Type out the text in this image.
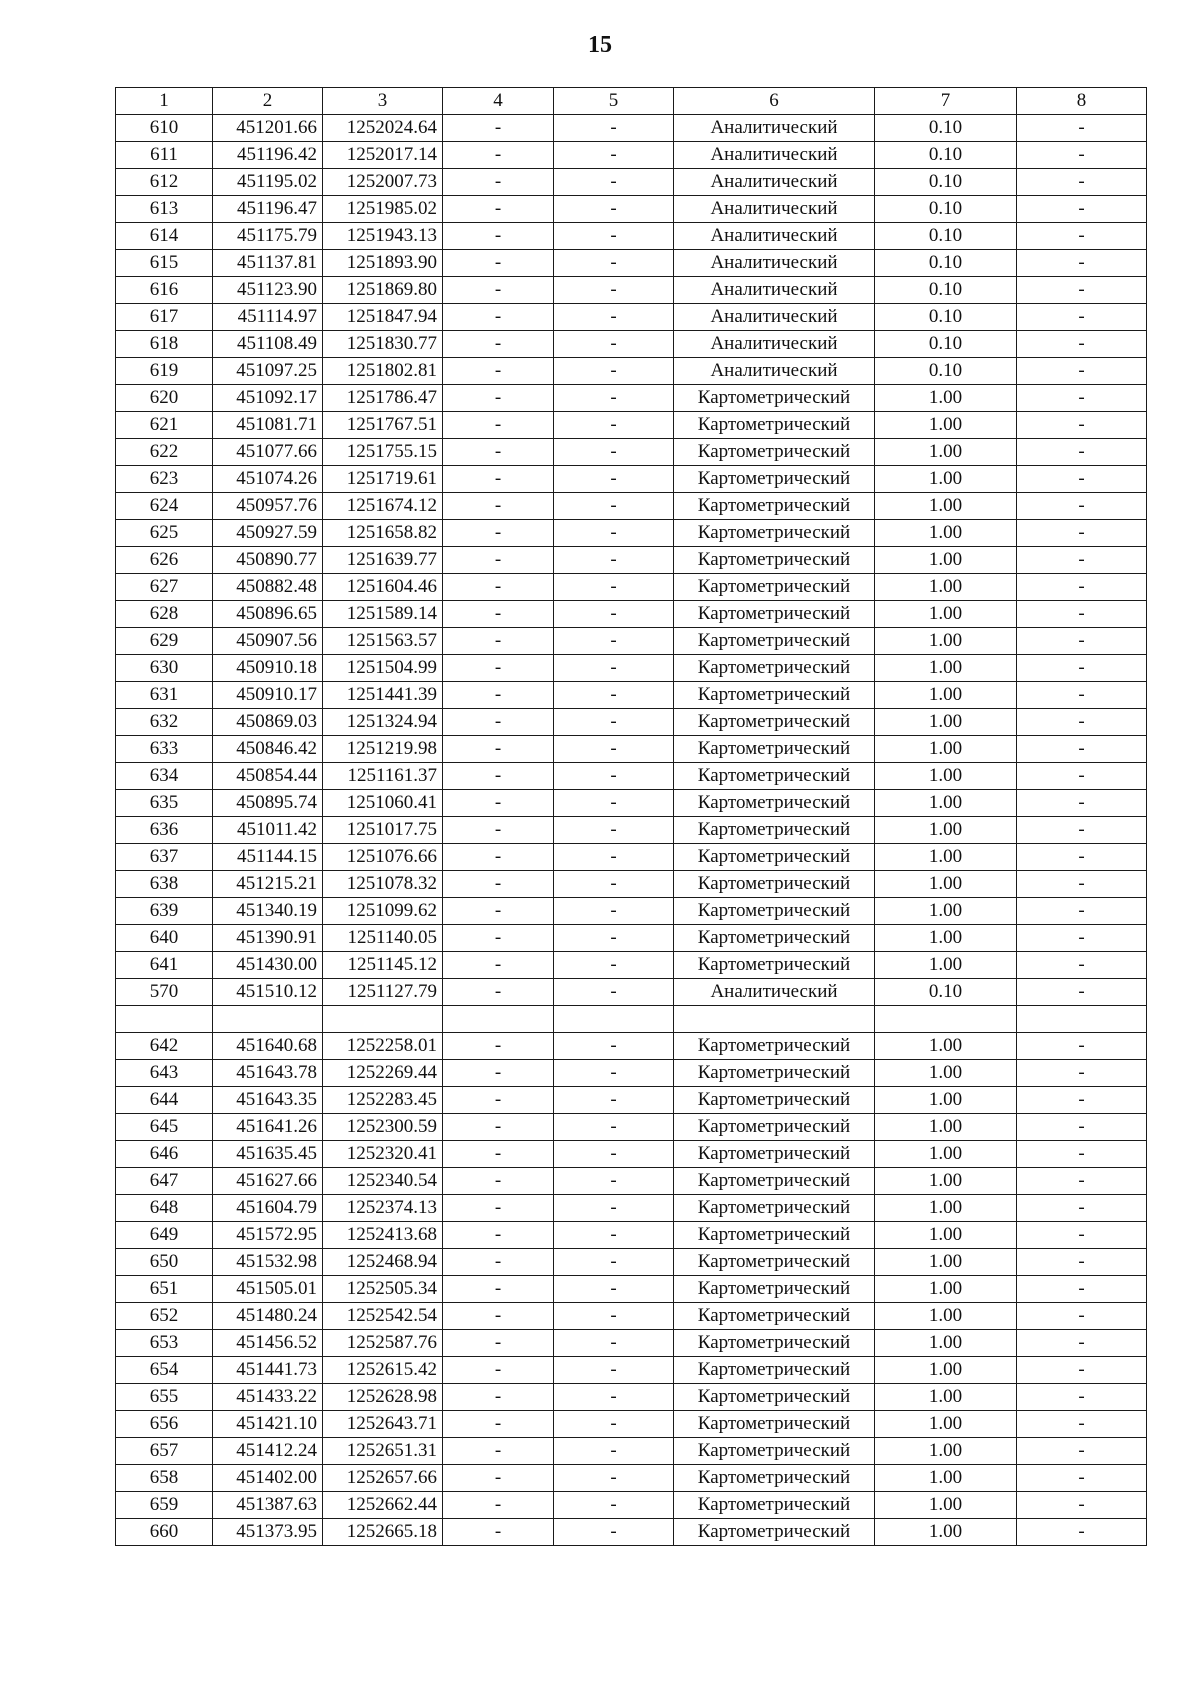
15
1	2	3	4	5	6	7	8
610	451201.66	1252024.64	-	-	Аналитический	0.10	-
611	451196.42	1252017.14	-	-	Аналитический	0.10	-
612	451195.02	1252007.73	-	-	Аналитический	0.10	-
613	451196.47	1251985.02	-	-	Аналитический	0.10	-
614	451175.79	1251943.13	-	-	Аналитический	0.10	-
615	451137.81	1251893.90	-	-	Аналитический	0.10	-
616	451123.90	1251869.80	-	-	Аналитический	0.10	-
617	451114.97	1251847.94	-	-	Аналитический	0.10	-
618	451108.49	1251830.77	-	-	Аналитический	0.10	-
619	451097.25	1251802.81	-	-	Аналитический	0.10	-
620	451092.17	1251786.47	-	-	Картометрический	1.00	-
621	451081.71	1251767.51	-	-	Картометрический	1.00	-
622	451077.66	1251755.15	-	-	Картометрический	1.00	-
623	451074.26	1251719.61	-	-	Картометрический	1.00	-
624	450957.76	1251674.12	-	-	Картометрический	1.00	-
625	450927.59	1251658.82	-	-	Картометрический	1.00	-
626	450890.77	1251639.77	-	-	Картометрический	1.00	-
627	450882.48	1251604.46	-	-	Картометрический	1.00	-
628	450896.65	1251589.14	-	-	Картометрический	1.00	-
629	450907.56	1251563.57	-	-	Картометрический	1.00	-
630	450910.18	1251504.99	-	-	Картометрический	1.00	-
631	450910.17	1251441.39	-	-	Картометрический	1.00	-
632	450869.03	1251324.94	-	-	Картометрический	1.00	-
633	450846.42	1251219.98	-	-	Картометрический	1.00	-
634	450854.44	1251161.37	-	-	Картометрический	1.00	-
635	450895.74	1251060.41	-	-	Картометрический	1.00	-
636	451011.42	1251017.75	-	-	Картометрический	1.00	-
637	451144.15	1251076.66	-	-	Картометрический	1.00	-
638	451215.21	1251078.32	-	-	Картометрический	1.00	-
639	451340.19	1251099.62	-	-	Картометрический	1.00	-
640	451390.91	1251140.05	-	-	Картометрический	1.00	-
641	451430.00	1251145.12	-	-	Картометрический	1.00	-
570	451510.12	1251127.79	-	-	Аналитический	0.10	-

642	451640.68	1252258.01	-	-	Картометрический	1.00	-
643	451643.78	1252269.44	-	-	Картометрический	1.00	-
644	451643.35	1252283.45	-	-	Картометрический	1.00	-
645	451641.26	1252300.59	-	-	Картометрический	1.00	-
646	451635.45	1252320.41	-	-	Картометрический	1.00	-
647	451627.66	1252340.54	-	-	Картометрический	1.00	-
648	451604.79	1252374.13	-	-	Картометрический	1.00	-
649	451572.95	1252413.68	-	-	Картометрический	1.00	-
650	451532.98	1252468.94	-	-	Картометрический	1.00	-
651	451505.01	1252505.34	-	-	Картометрический	1.00	-
652	451480.24	1252542.54	-	-	Картометрический	1.00	-
653	451456.52	1252587.76	-	-	Картометрический	1.00	-
654	451441.73	1252615.42	-	-	Картометрический	1.00	-
655	451433.22	1252628.98	-	-	Картометрический	1.00	-
656	451421.10	1252643.71	-	-	Картометрический	1.00	-
657	451412.24	1252651.31	-	-	Картометрический	1.00	-
658	451402.00	1252657.66	-	-	Картометрический	1.00	-
659	451387.63	1252662.44	-	-	Картометрический	1.00	-
660	451373.95	1252665.18	-	-	Картометрический	1.00	-
